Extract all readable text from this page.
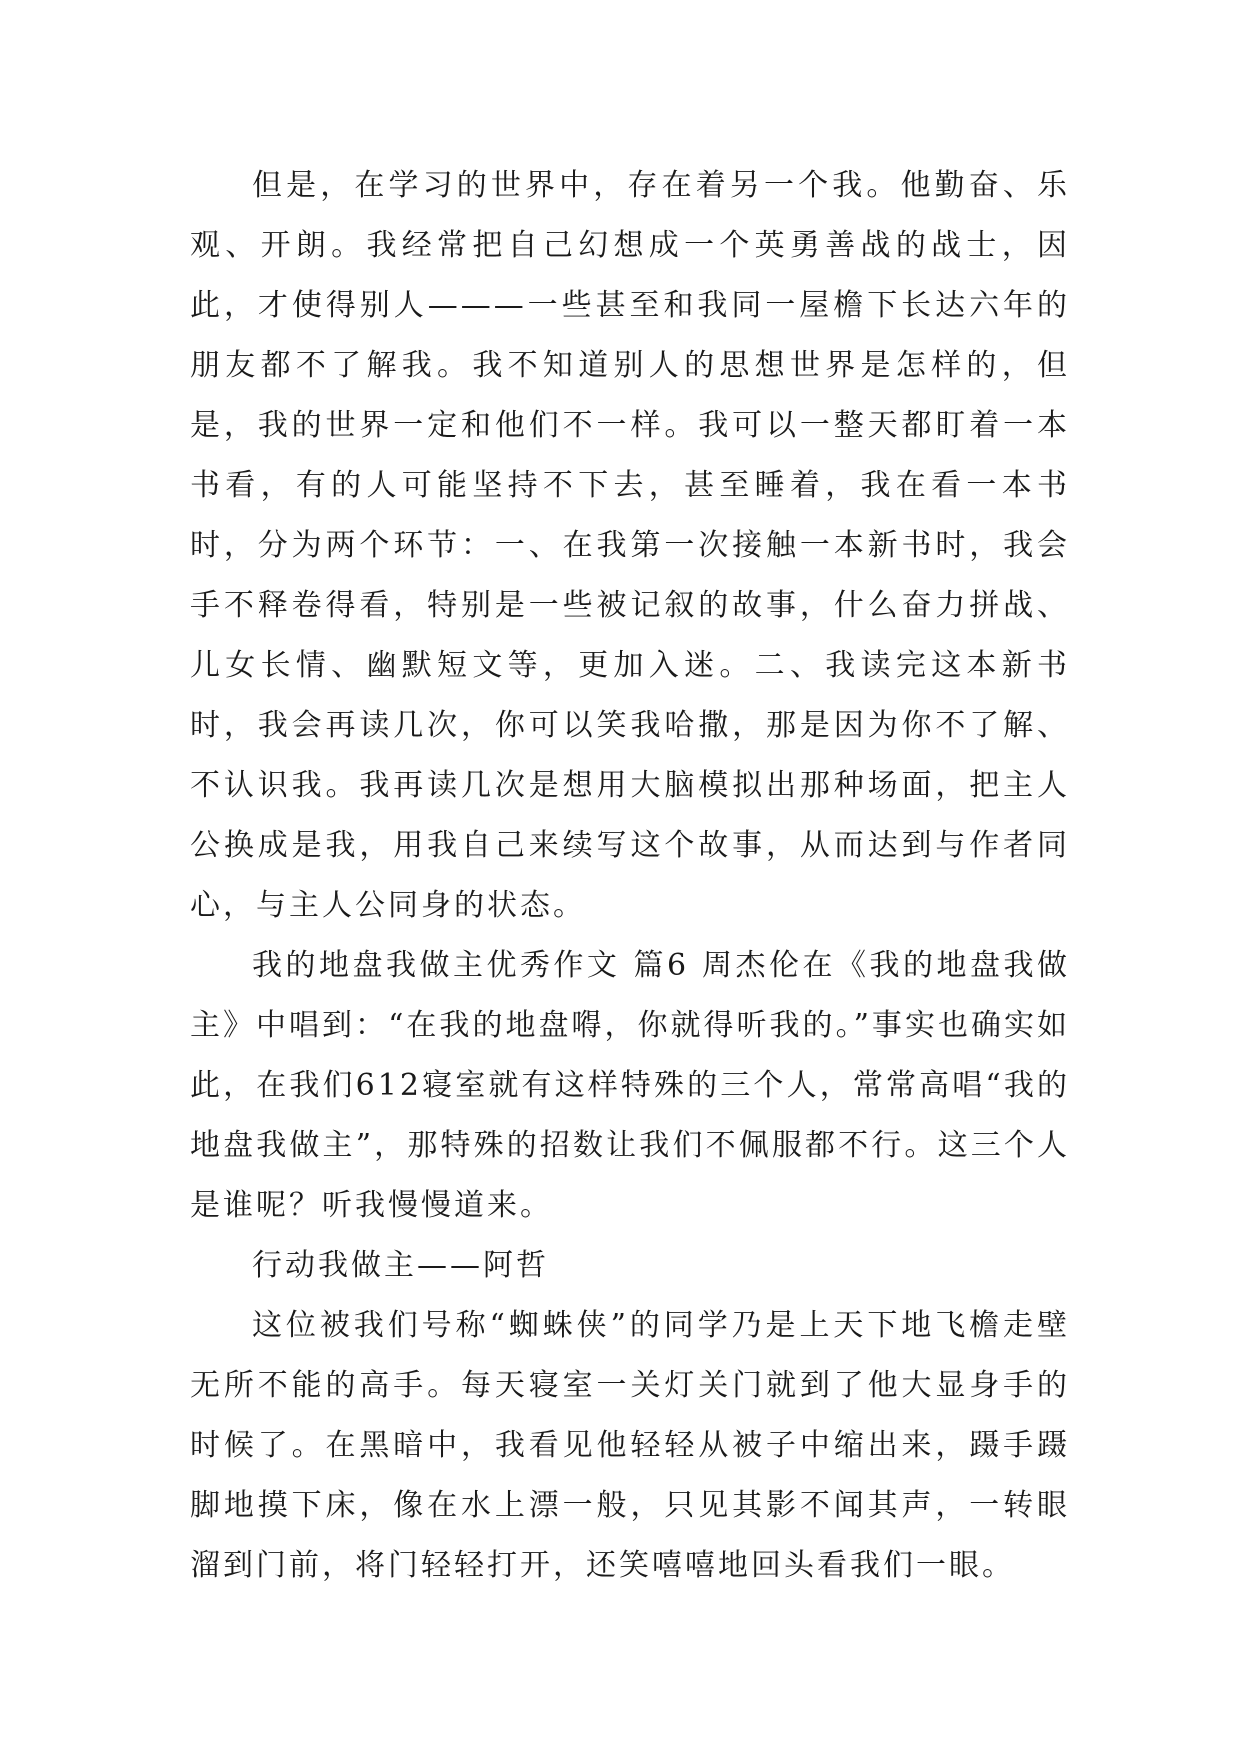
但是，在学习的世界中，存在着另一个我。他勤奋、乐观、开朗。我经常把自己幻想成一个英勇善战的战士，因此，才使得别人———一些甚至和我同一屋檐下长达六年的朋友都不了解我。我不知道别人的思想世界是怎样的，但是，我的世界一定和他们不一样。我可以一整天都盯着一本书看，有的人可能坚持不下去，甚至睡着，我在看一本书时，分为两个环节：一、在我第一次接触一本新书时，我会手不释卷得看，特别是一些被记叙的故事，什么奋力拼战、儿女长情、幽默短文等，更加入迷。二、我读完这本新书时，我会再读几次，你可以笑我哈撒，那是因为你不了解、不认识我。我再读几次是想用大脑模拟出那种场面，把主人公换成是我，用我自己来续写这个故事，从而达到与作者同心，与主人公同身的状态。

我的地盘我做主优秀作文 篇6 周杰伦在《我的地盘我做主》中唱到：“在我的地盘嘚，你就得听我的。”事实也确实如此，在我们612寝室就有这样特殊的三个人，常常高唱“我的地盘我做主”，那特殊的招数让我们不佩服都不行。这三个人是谁呢？听我慢慢道来。

行动我做主——阿哲

这位被我们号称“蜘蛛侠”的同学乃是上天下地飞檐走壁无所不能的高手。每天寝室一关灯关门就到了他大显身手的时候了。在黑暗中，我看见他轻轻从被子中缩出来，蹑手蹑脚地摸下床，像在水上漂一般，只见其影不闻其声，一转眼溜到门前，将门轻轻打开，还笑嘻嘻地回头看我们一眼。
